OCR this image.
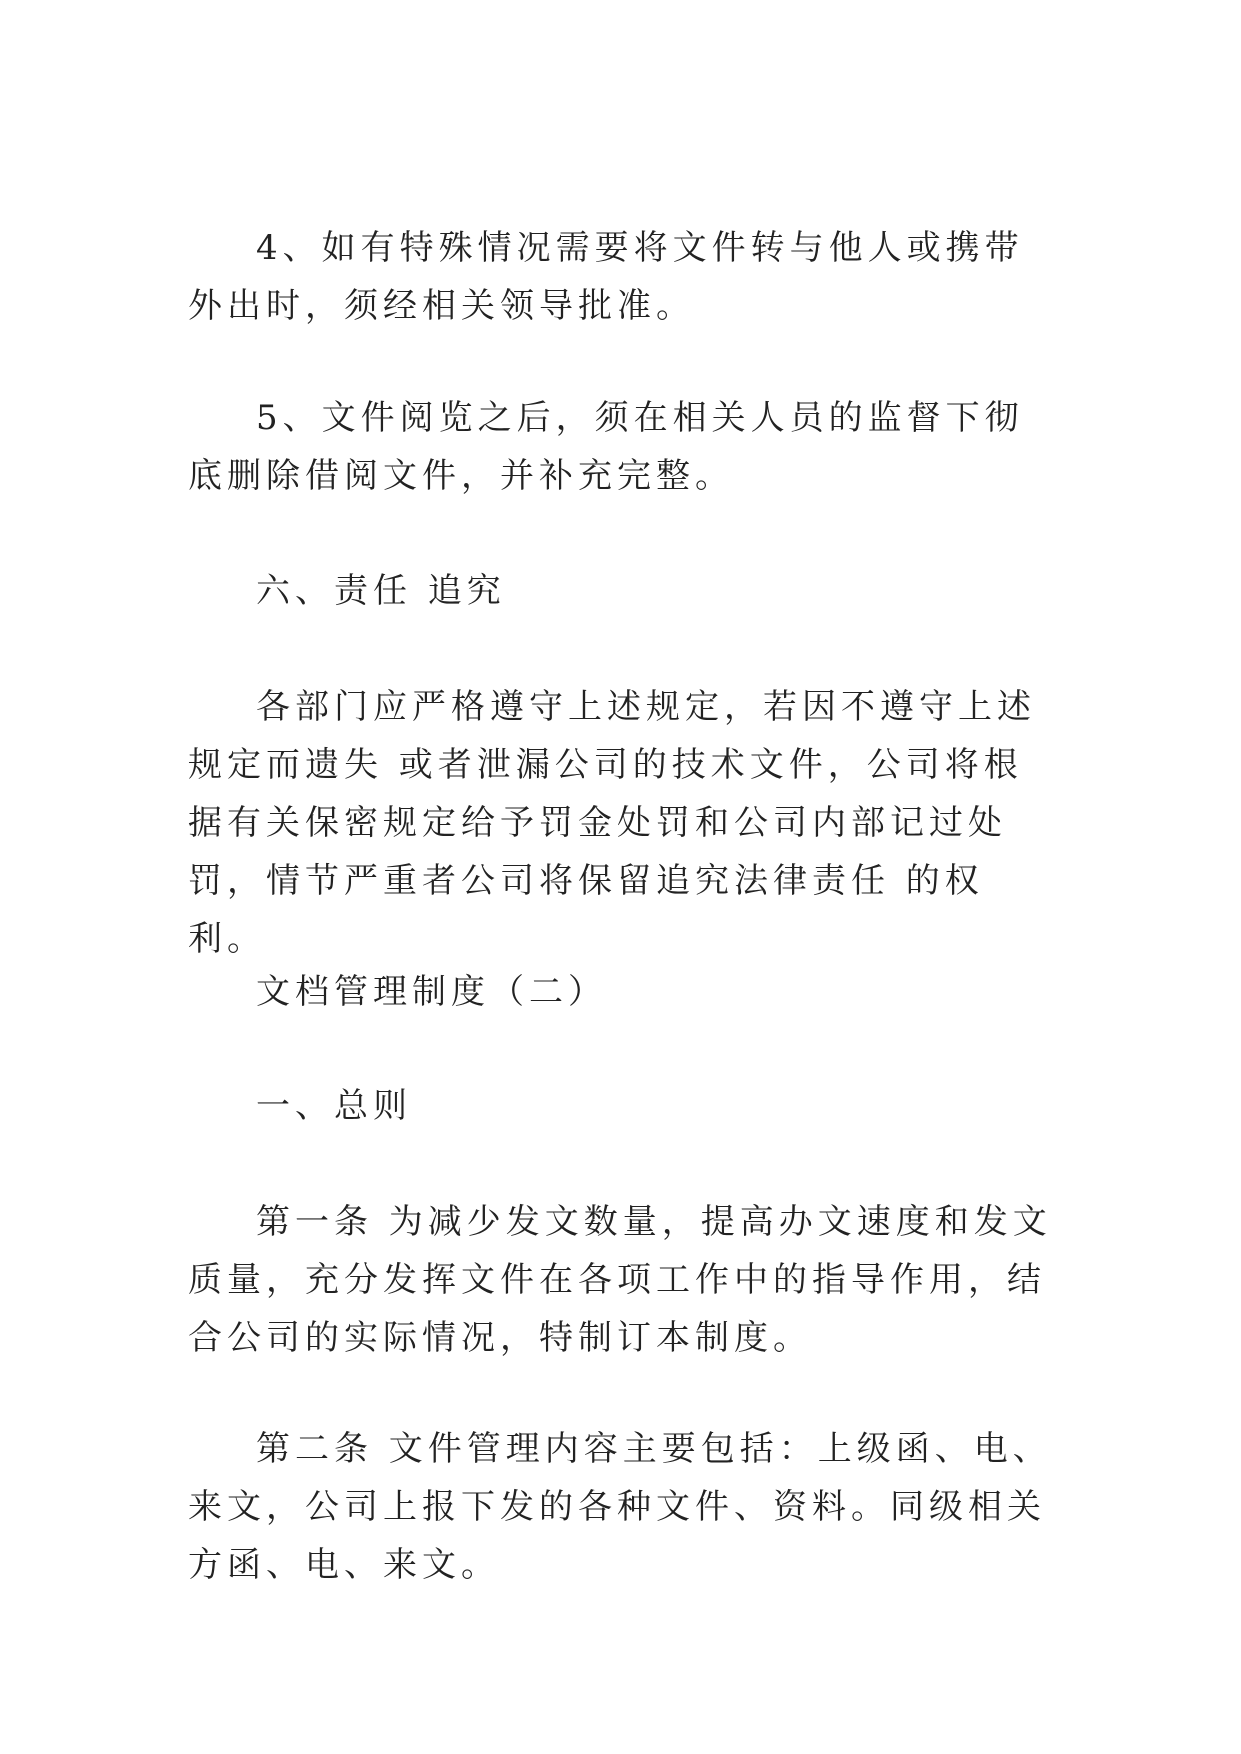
4、如有特殊情况需要将文件转与他人或携带外出时，须经相关领导批准。

5、文件阅览之后，须在相关人员的监督下彻底删除借阅文件，并补充完整。

六、责任 追究

各部门应严格遵守上述规定，若因不遵守上述规定而遗失 或者泄漏公司的技术文件，公司将根据有关保密规定给予罚金处罚和公司内部记过处罚，情节严重者公司将保留追究法律责任 的权利。

文档管理制度（二）

一、总则

第一条 为减少发文数量，提高办文速度和发文质量，充分发挥文件在各项工作中的指导作用，结合公司的实际情况，特制订本制度。

第二条 文件管理内容主要包括：上级函、电、来文，公司上报下发的各种文件、资料。同级相关方函、电、来文。
